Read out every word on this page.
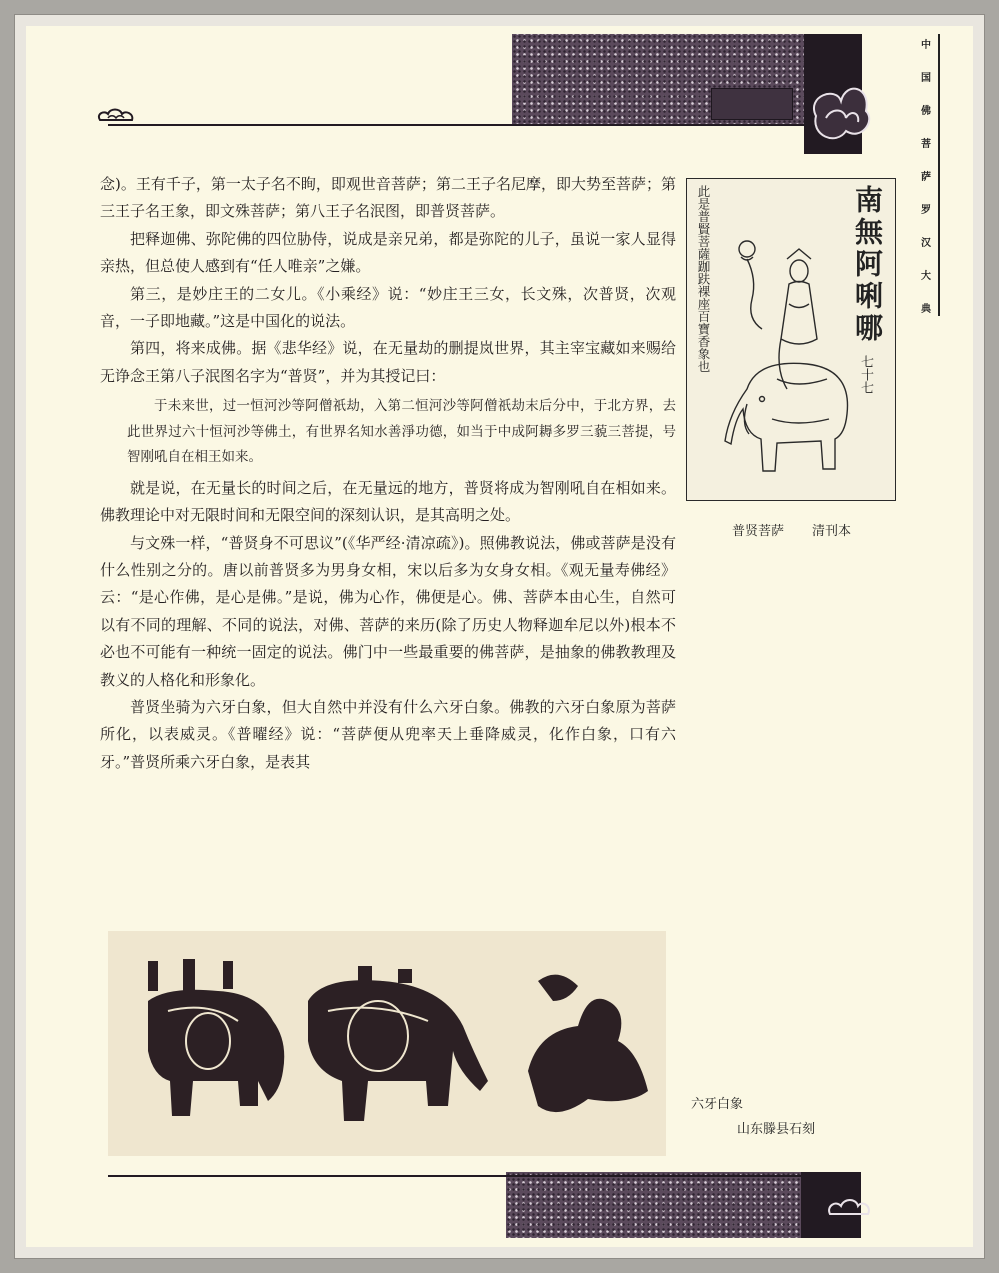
中
国
佛
菩
萨
罗
汉
大
典

念)。王有千子，第一太子名不眴，即观世音菩萨；第二王子名尼摩，即大势至菩萨；第三王子名王象，即文殊菩萨；第八王子名泯图，即普贤菩萨。

把释迦佛、弥陀佛的四位胁侍，说成是亲兄弟，都是弥陀的儿子，虽说一家人显得亲热，但总使人感到有“任人唯亲”之嫌。

第三，是妙庄王的二女儿。《小乘经》说：“妙庄王三女，长文殊，次普贤，次观音，一子即地藏。”这是中国化的说法。

第四，将来成佛。据《悲华经》说，在无量劫的删提岚世界，其主宰宝藏如来赐给无诤念王第八子泯图名字为“普贤”，并为其授记曰：

于未来世，过一恒河沙等阿僧祇劫，入第二恒河沙等阿僧祇劫末后分中，于北方界，去此世界过六十恒河沙等佛土，有世界名知水善淨功德，如当于中成阿耨多罗三藐三菩提，号智刚吼自在相王如来。

就是说，在无量长的时间之后，在无量远的地方，普贤将成为智刚吼自在相如来。佛教理论中对无限时间和无限空间的深刻认识，是其高明之处。

与文殊一样，“普贤身不可思议”(《华严经·清凉疏》)。照佛教说法，佛或菩萨是没有什么性别之分的。唐以前普贤多为男身女相，宋以后多为女身女相。《观无量寿佛经》云：“是心作佛，是心是佛。”是说，佛为心作，佛便是心。佛、菩萨本由心生，自然可以有不同的理解、不同的说法，对佛、菩萨的来历(除了历史人物释迦牟尼以外)根本不必也不可能有一种统一固定的说法。佛门中一些最重要的佛菩萨，是抽象的佛教教理及教义的人格化和形象化。

普贤坐骑为六牙白象，但大自然中并没有什么六牙白象。佛教的六牙白象原为菩萨所化，以表威灵。《普曜经》说：“菩萨便从兜率天上垂降威灵，化作白象，口有六牙。”普贤所乘六牙白象，是表其

南無阿唎哪
七十七
此是普賢菩薩跏趺裸座百寶香象也
普贤菩萨 清刊本
六牙白象
山东滕县石刻
